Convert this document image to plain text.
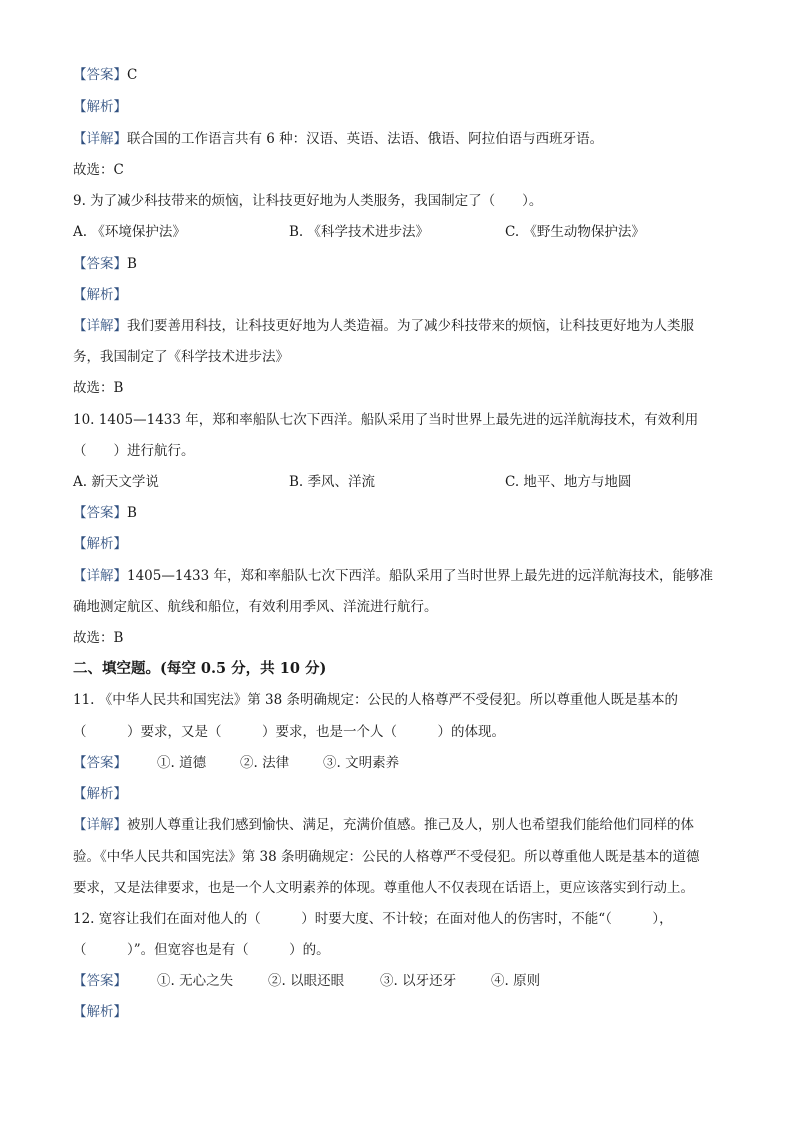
【答案】C
【解析】
【详解】联合国的工作语言共有 6 种：汉语、英语、法语、俄语、阿拉伯语与西班牙语。
故选：C
9. 为了减少科技带来的烦恼，让科技更好地为人类服务，我国制定了（　　）。
A. 《环境保护法》	B. 《科学技术进步法》	C. 《野生动物保护法》
【答案】B
【解析】
【详解】我们要善用科技，让科技更好地为人类造福。为了减少科技带来的烦恼，让科技更好地为人类服
务，我国制定了《科学技术进步法》
故选：B
10. 1405—1433 年，郑和率船队七次下西洋。船队采用了当时世界上最先进的远洋航海技术，有效利用
（　　）进行航行。
A. 新天文学说	B. 季风、洋流	C. 地平、地方与地圆
【答案】B
【解析】
【详解】1405—1433 年，郑和率船队七次下西洋。船队采用了当时世界上最先进的远洋航海技术，能够准
确地测定航区、航线和船位，有效利用季风、洋流进行航行。
故选：B
二、填空题。(每空 0.5 分，共 10 分)
11. 《中华人民共和国宪法》第 38 条明确规定：公民的人格尊严不受侵犯。所以尊重他人既是基本的
（　　　）要求，又是（　　　）要求，也是一个人（　　　）的体现。
【答案】 ①. 道德	②. 法律	③. 文明素养
【解析】
【详解】被别人尊重让我们感到愉快、满足，充满价值感。推己及人，别人也希望我们能给他们同样的体
验。《中华人民共和国宪法》第 38 条明确规定：公民的人格尊严不受侵犯。所以尊重他人既是基本的道德
要求，又是法律要求，也是一个人文明素养的体现。尊重他人不仅表现在话语上，更应该落实到行动上。
12. 宽容让我们在面对他人的（　　　）时要大度、不计较；在面对他人的伤害时，不能“（　　　），
（　　　）”。但宽容也是有（　　　）的。
【答案】 ①. 无心之失	②. 以眼还眼	③. 以牙还牙	④. 原则
【解析】
